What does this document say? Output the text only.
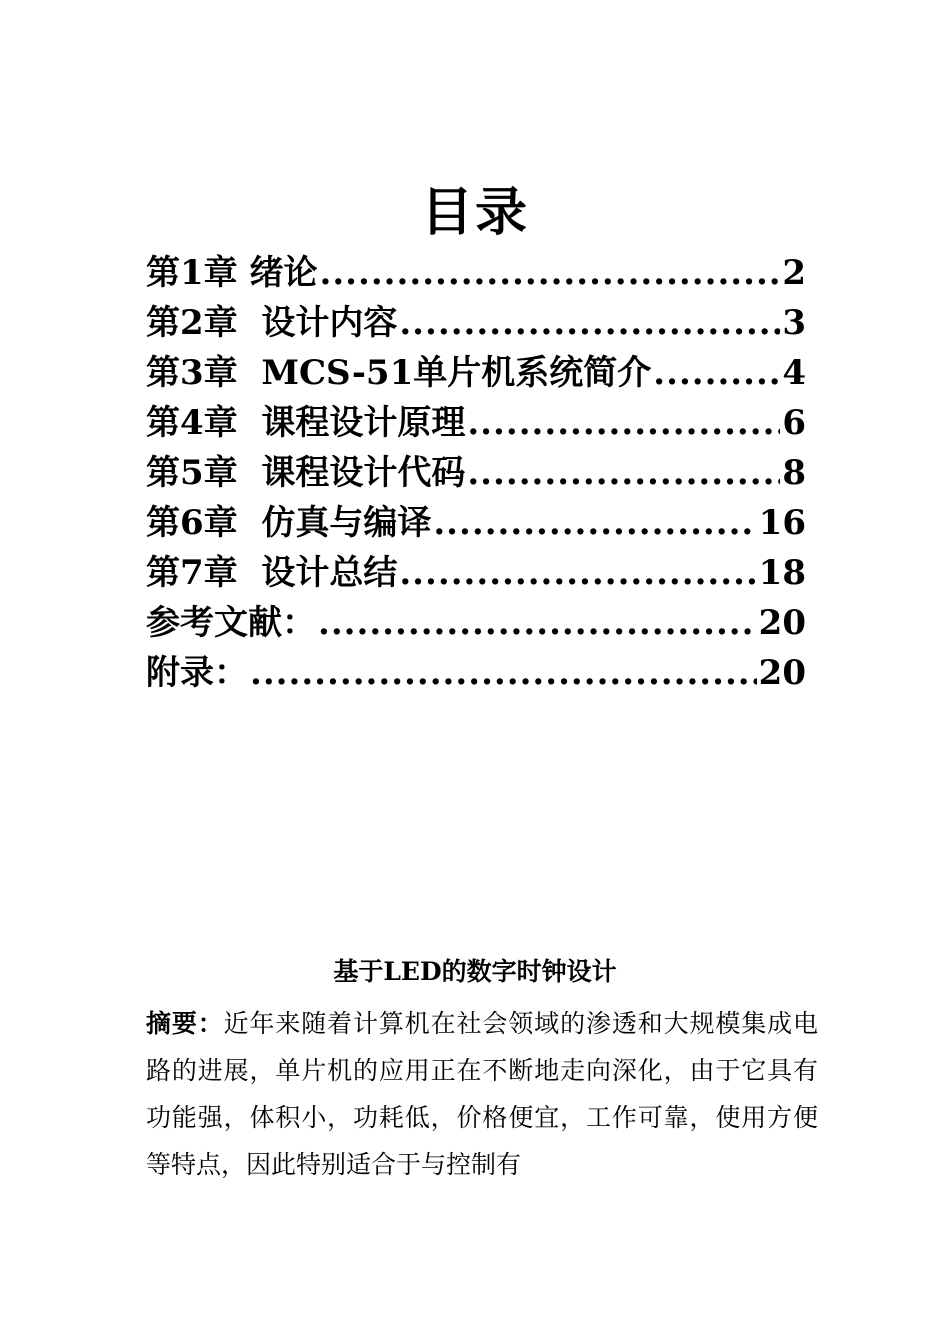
目录
第1章 绪论 .....	2
第2章  设计内容 .....	3
第3章  MCS-51单片机系统简介 .....	4
第4章  课程设计原理 .....	6
第5章  课程设计代码 .....	8
第6章  仿真与编译 .....	16
第7章  设计总结 .....	18
参考文献： .....	20
附录： .....	20
基于LED的数字时钟设计
摘要：近年来随着计算机在社会领域的渗透和大规模集成电路的进展，单片机的应用正在不断地走向深化，由于它具有功能强，体积小，功耗低，价格便宜，工作可靠，使用方便等特点，因此特别适合于与控制有
